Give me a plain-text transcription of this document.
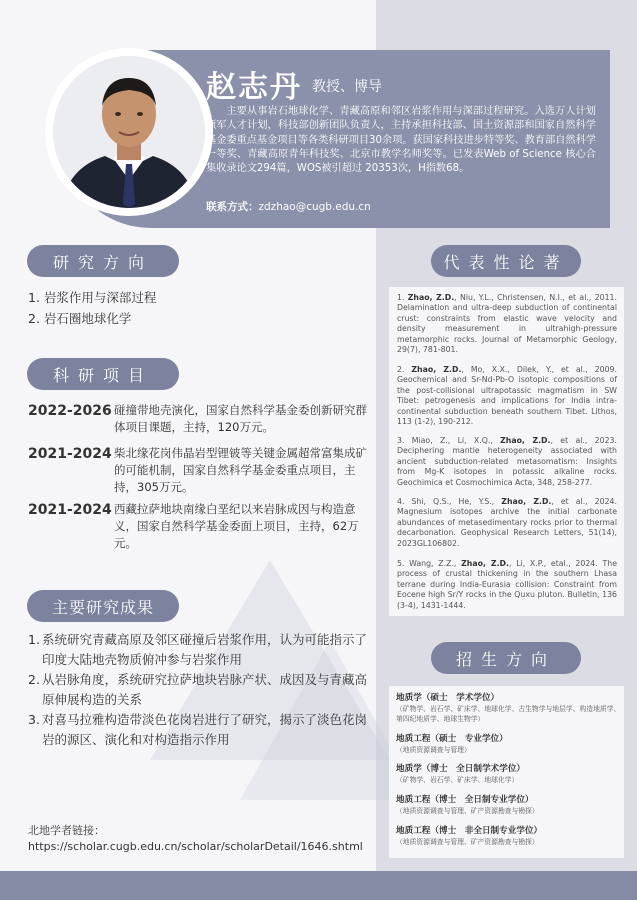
赵志丹 教授、博导
主要从事岩石地球化学、青藏高原和邻区岩浆作用与深部过程研究。入选万人计划领军人才计划，科技部创新团队负责人，主持承担科技部、国土资源部和国家自然科学基金委重点基金项目等各类科研项目30余项。获国家科技进步特等奖、教育部自然科学一等奖、青藏高原青年科技奖、北京市教学名师奖等。已发表Web of Science 核心合集收录论文294篇，WOS被引超过 20353次，H指数68。
联系方式：zdzhao@cugb.edu.cn
研究方向
1. 岩浆作用与深部过程
2. 岩石圈地球化学
科研项目
2022-2026 碰撞带地壳演化，国家自然科学基金委创新研究群体项目课题，主持，120万元。
2021-2024 柴北缘花岗伟晶岩型锂铍等关键金属超常富集成矿的可能机制，国家自然科学基金委重点项目，主持，305万元。
2021-2024 西藏拉萨地块南缘白垩纪以来岩脉成因与构造意义，国家自然科学基金委面上项目，主持，62万元。
主要研究成果
1. 系统研究青藏高原及邻区碰撞后岩浆作用，认为可能指示了印度大陆地壳物质俯冲参与岩浆作用
2. 从岩脉角度，系统研究拉萨地块岩脉产状、成因及与青藏高原伸展构造的关系
3. 对喜马拉雅构造带淡色花岗岩进行了研究，揭示了淡色花岗岩的源区、演化和对构造指示作用
北地学者链接：
https://scholar.cugb.edu.cn/scholar/scholarDetail/1646.shtml
代表性论著
1. Zhao, Z.D., Niu, Y.L., Christensen, N.I., et al., 2011. Delamination and ultra-deep subduction of continental crust: constraints from elastic wave velocity and density measurement in ultrahigh-pressure metamorphic rocks. Journal of Metamorphic Geology, 29(7), 781-801.
2. Zhao, Z.D., Mo, X.X., Dilek, Y., et al., 2009. Geochemical and Sr-Nd-Pb-O isotopic compositions of the post-collisional ultrapotassic magmatism in SW Tibet: petrogenesis and implications for India intra-continental subduction beneath southern Tibet. Lithos, 113 (1-2), 190-212.
3. Miao, Z., Li, X.Q., Zhao, Z.D., et al., 2023. Deciphering mantle heterogeneity associated with ancient subduction-related metasomatism: Insights from Mg-K isotopes in potassic alkaline rocks. Geochimica et Cosmochimica Acta, 348, 258-277.
4. Shi, Q.S., He, Y.S., Zhao, Z.D., et al., 2024. Magnesium isotopes archive the initial carbonate abundances of metasedimentary rocks prior to thermal decarbonation. Geophysical Research Letters, 51(14), 2023GL106802.
5. Wang, Z.Z., Zhao, Z.D., Li, X.P., etal., 2024. The process of crustal thickening in the southern Lhasa terrane during India-Eurasia collision: Constraint from Eocene high Sr/Y rocks in the Quxu pluton. Bulletin, 136 (3-4), 1431-1444.
招生方向
地质学（硕士　学术学位）
（矿物学、岩石学、矿床学、地球化学、古生物学与地层学、构造地质学、第四纪地质学、地球生物学）
地质工程（硕士　专业学位）
（地质资源调查与管理）
地质学（博士　全日制学术学位）
（矿物学、岩石学、矿床学、地球化学）
地质工程（博士　全日制专业学位）
（地质资源调查与管理、矿产资源勘查与勘探）
地质工程（博士　非全日制专业学位）
（地质资源调查与管理、矿产资源勘查与勘探）
